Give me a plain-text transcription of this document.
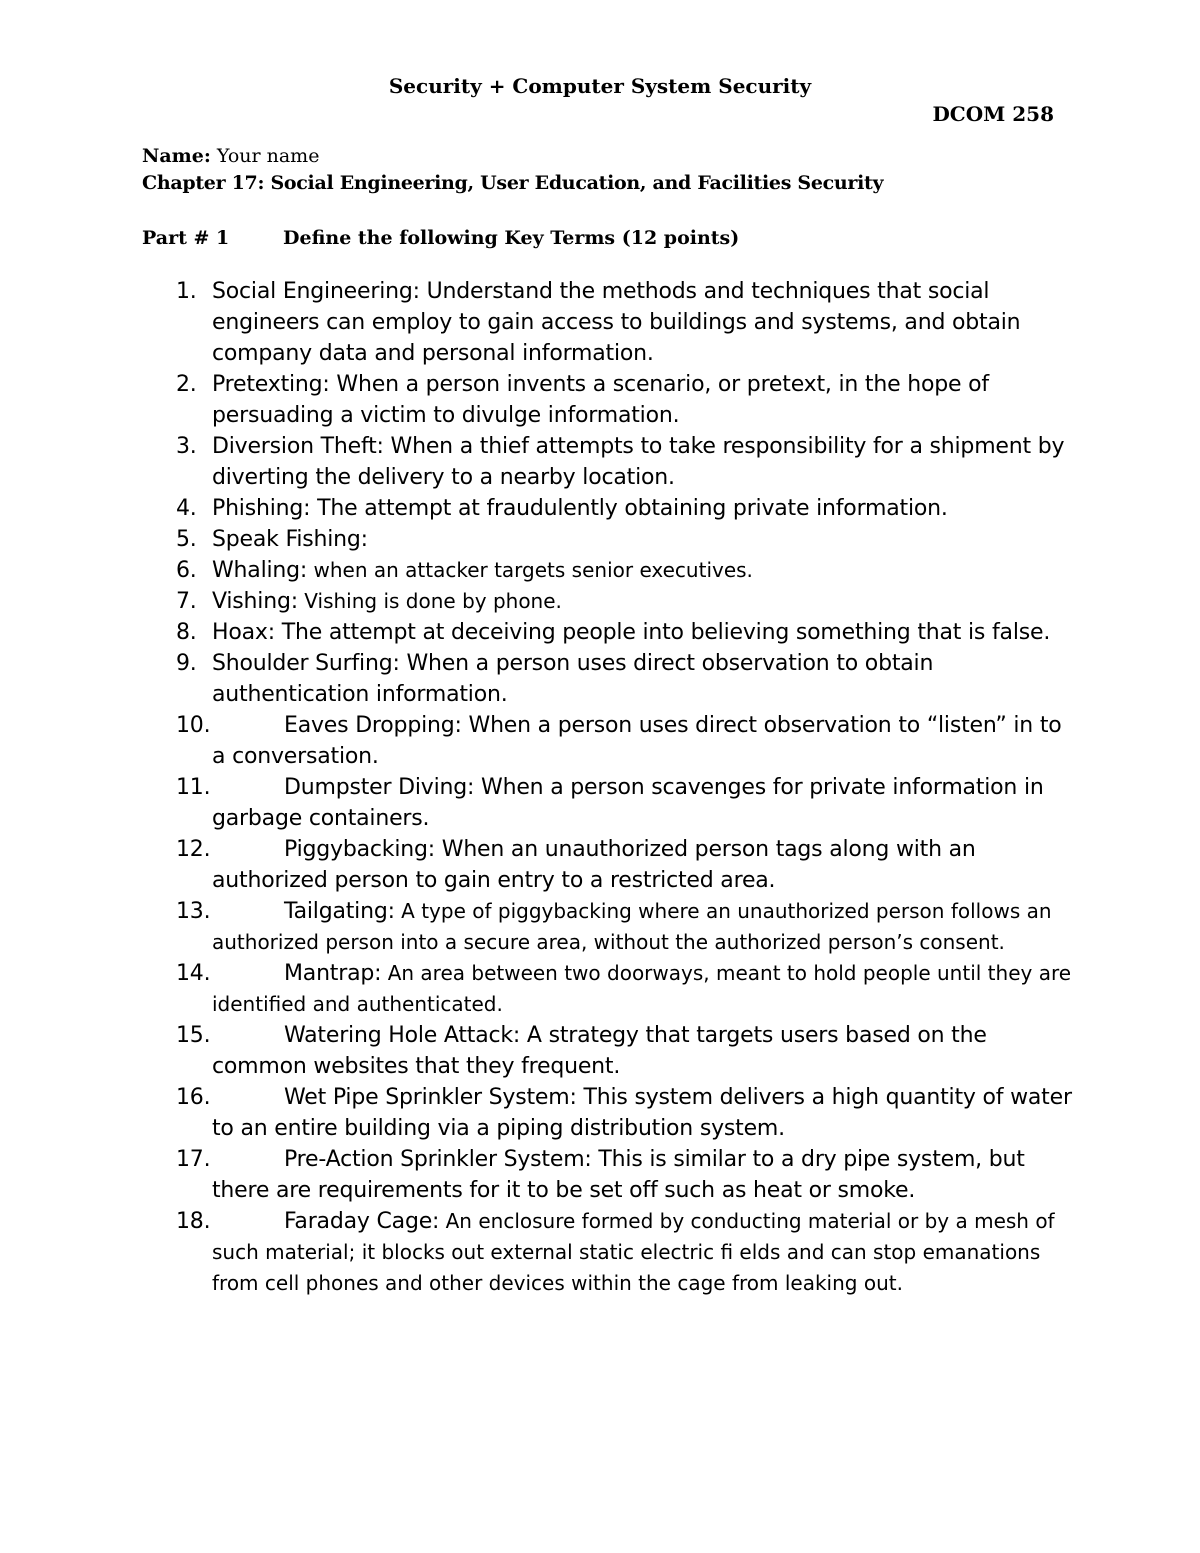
Security + Computer System Security
DCOM 258
Name: Your name
Chapter 17: Social Engineering, User Education, and Facilities Security
Part # 1	Define the following Key Terms (12 points)
1. Social Engineering: Understand the methods and techniques that social engineers can employ to gain access to buildings and systems, and obtain company data and personal information.
2. Pretexting: When a person invents a scenario, or pretext, in the hope of persuading a victim to divulge information.
3. Diversion Theft: When a thief attempts to take responsibility for a shipment by diverting the delivery to a nearby location.
4. Phishing: The attempt at fraudulently obtaining private information.
5. Speak Fishing:
6. Whaling: when an attacker targets senior executives.
7. Vishing: Vishing is done by phone.
8. Hoax: The attempt at deceiving people into believing something that is false.
9. Shoulder Surfing: When a person uses direct observation to obtain authentication information.
10.	Eaves Dropping: When a person uses direct observation to “listen” in to a conversation.
11.	Dumpster Diving: When a person scavenges for private information in garbage containers.
12.	Piggybacking: When an unauthorized person tags along with an authorized person to gain entry to a restricted area.
13.	Tailgating: A type of piggybacking where an unauthorized person follows an authorized person into a secure area, without the authorized person’s consent.
14.	Mantrap: An area between two doorways, meant to hold people until they are identified and authenticated.
15.	Watering Hole Attack: A strategy that targets users based on the common websites that they frequent.
16.	Wet Pipe Sprinkler System: This system delivers a high quantity of water to an entire building via a piping distribution system.
17.	Pre-Action Sprinkler System: This is similar to a dry pipe system, but there are requirements for it to be set off such as heat or smoke.
18.	Faraday Cage: An enclosure formed by conducting material or by a mesh of such material; it blocks out external static electric fi elds and can stop emanations from cell phones and other devices within the cage from leaking out.
